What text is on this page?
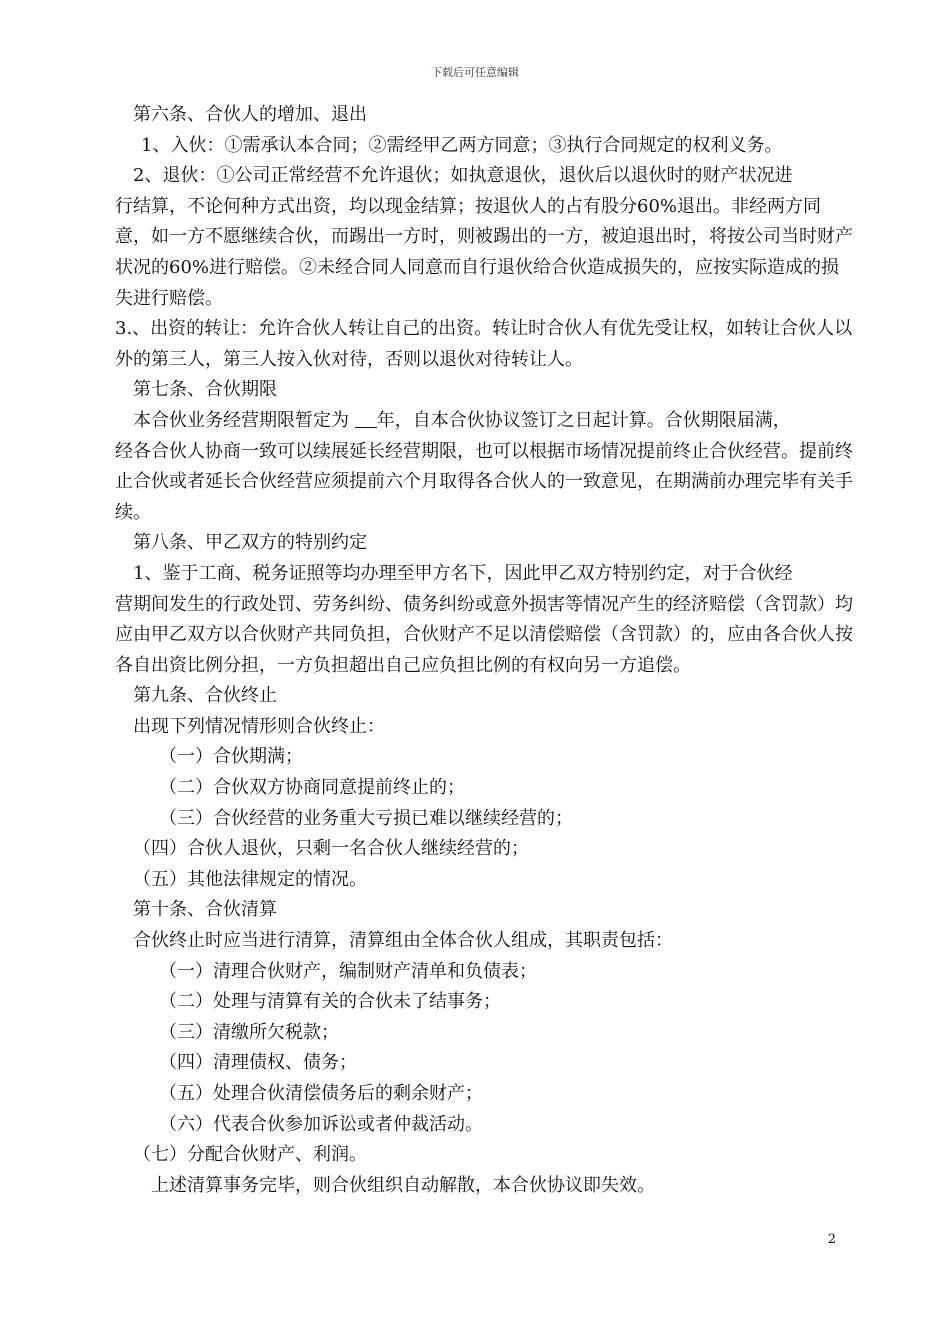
下载后可任意编辑

第六条、合伙人的增加、退出

1、入伙：①需承认本合同；②需经甲乙两方同意；③执行合同规定的权利义务。

2、退伙：①公司正常经营不允许退伙；如执意退伙，退伙后以退伙时的财产状况进

行结算，不论何种方式出资，均以现金结算；按退伙人的占有股分60%退出。非经两方同意，如一方不愿继续合伙，而踢出一方时，则被踢出的一方，被迫退出时，将按公司当时财产状况的60%进行赔偿。②未经合同人同意而自行退伙给合伙造成损失的，应按实际造成的损失进行赔偿。

3.、出资的转让：允许合伙人转让自己的出资。转让时合伙人有优先受让权，如转让合伙人以外的第三人，第三人按入伙对待，否则以退伙对待转让人。

第七条、合伙期限

本合伙业务经营期限暂定为 年，自本合伙协议签订之日起计算。合伙期限届满，

经各合伙人协商一致可以续展延长经营期限，也可以根据市场情况提前终止合伙经营。提前终止合伙或者延长合伙经营应须提前六个月取得各合伙人的一致意见，在期满前办理完毕有关手续。

第八条、甲乙双方的特别约定

1、鉴于工商、税务证照等均办理至甲方名下，因此甲乙双方特别约定，对于合伙经

营期间发生的行政处罚、劳务纠纷、债务纠纷或意外损害等情况产生的经济赔偿（含罚款）均应由甲乙双方以合伙财产共同负担，合伙财产不足以清偿赔偿（含罚款）的，应由各合伙人按各自出资比例分担，一方负担超出自己应负担比例的有权向另一方追偿。

第九条、合伙终止

出现下列情况情形则合伙终止：

（一）合伙期满；

（二）合伙双方协商同意提前终止的；

（三）合伙经营的业务重大亏损已难以继续经营的；

（四）合伙人退伙，只剩一名合伙人继续经营的；

（五）其他法律规定的情况。

第十条、合伙清算

合伙终止时应当进行清算，清算组由全体合伙人组成，其职责包括：

（一）清理合伙财产，编制财产清单和负债表；

（二）处理与清算有关的合伙未了结事务；

（三）清缴所欠税款；

（四）清理债权、债务；

（五）处理合伙清偿债务后的剩余财产；

（六）代表合伙参加诉讼或者仲裁活动。

（七）分配合伙财产、利润。

上述清算事务完毕，则合伙组织自动解散，本合伙协议即失效。

2
